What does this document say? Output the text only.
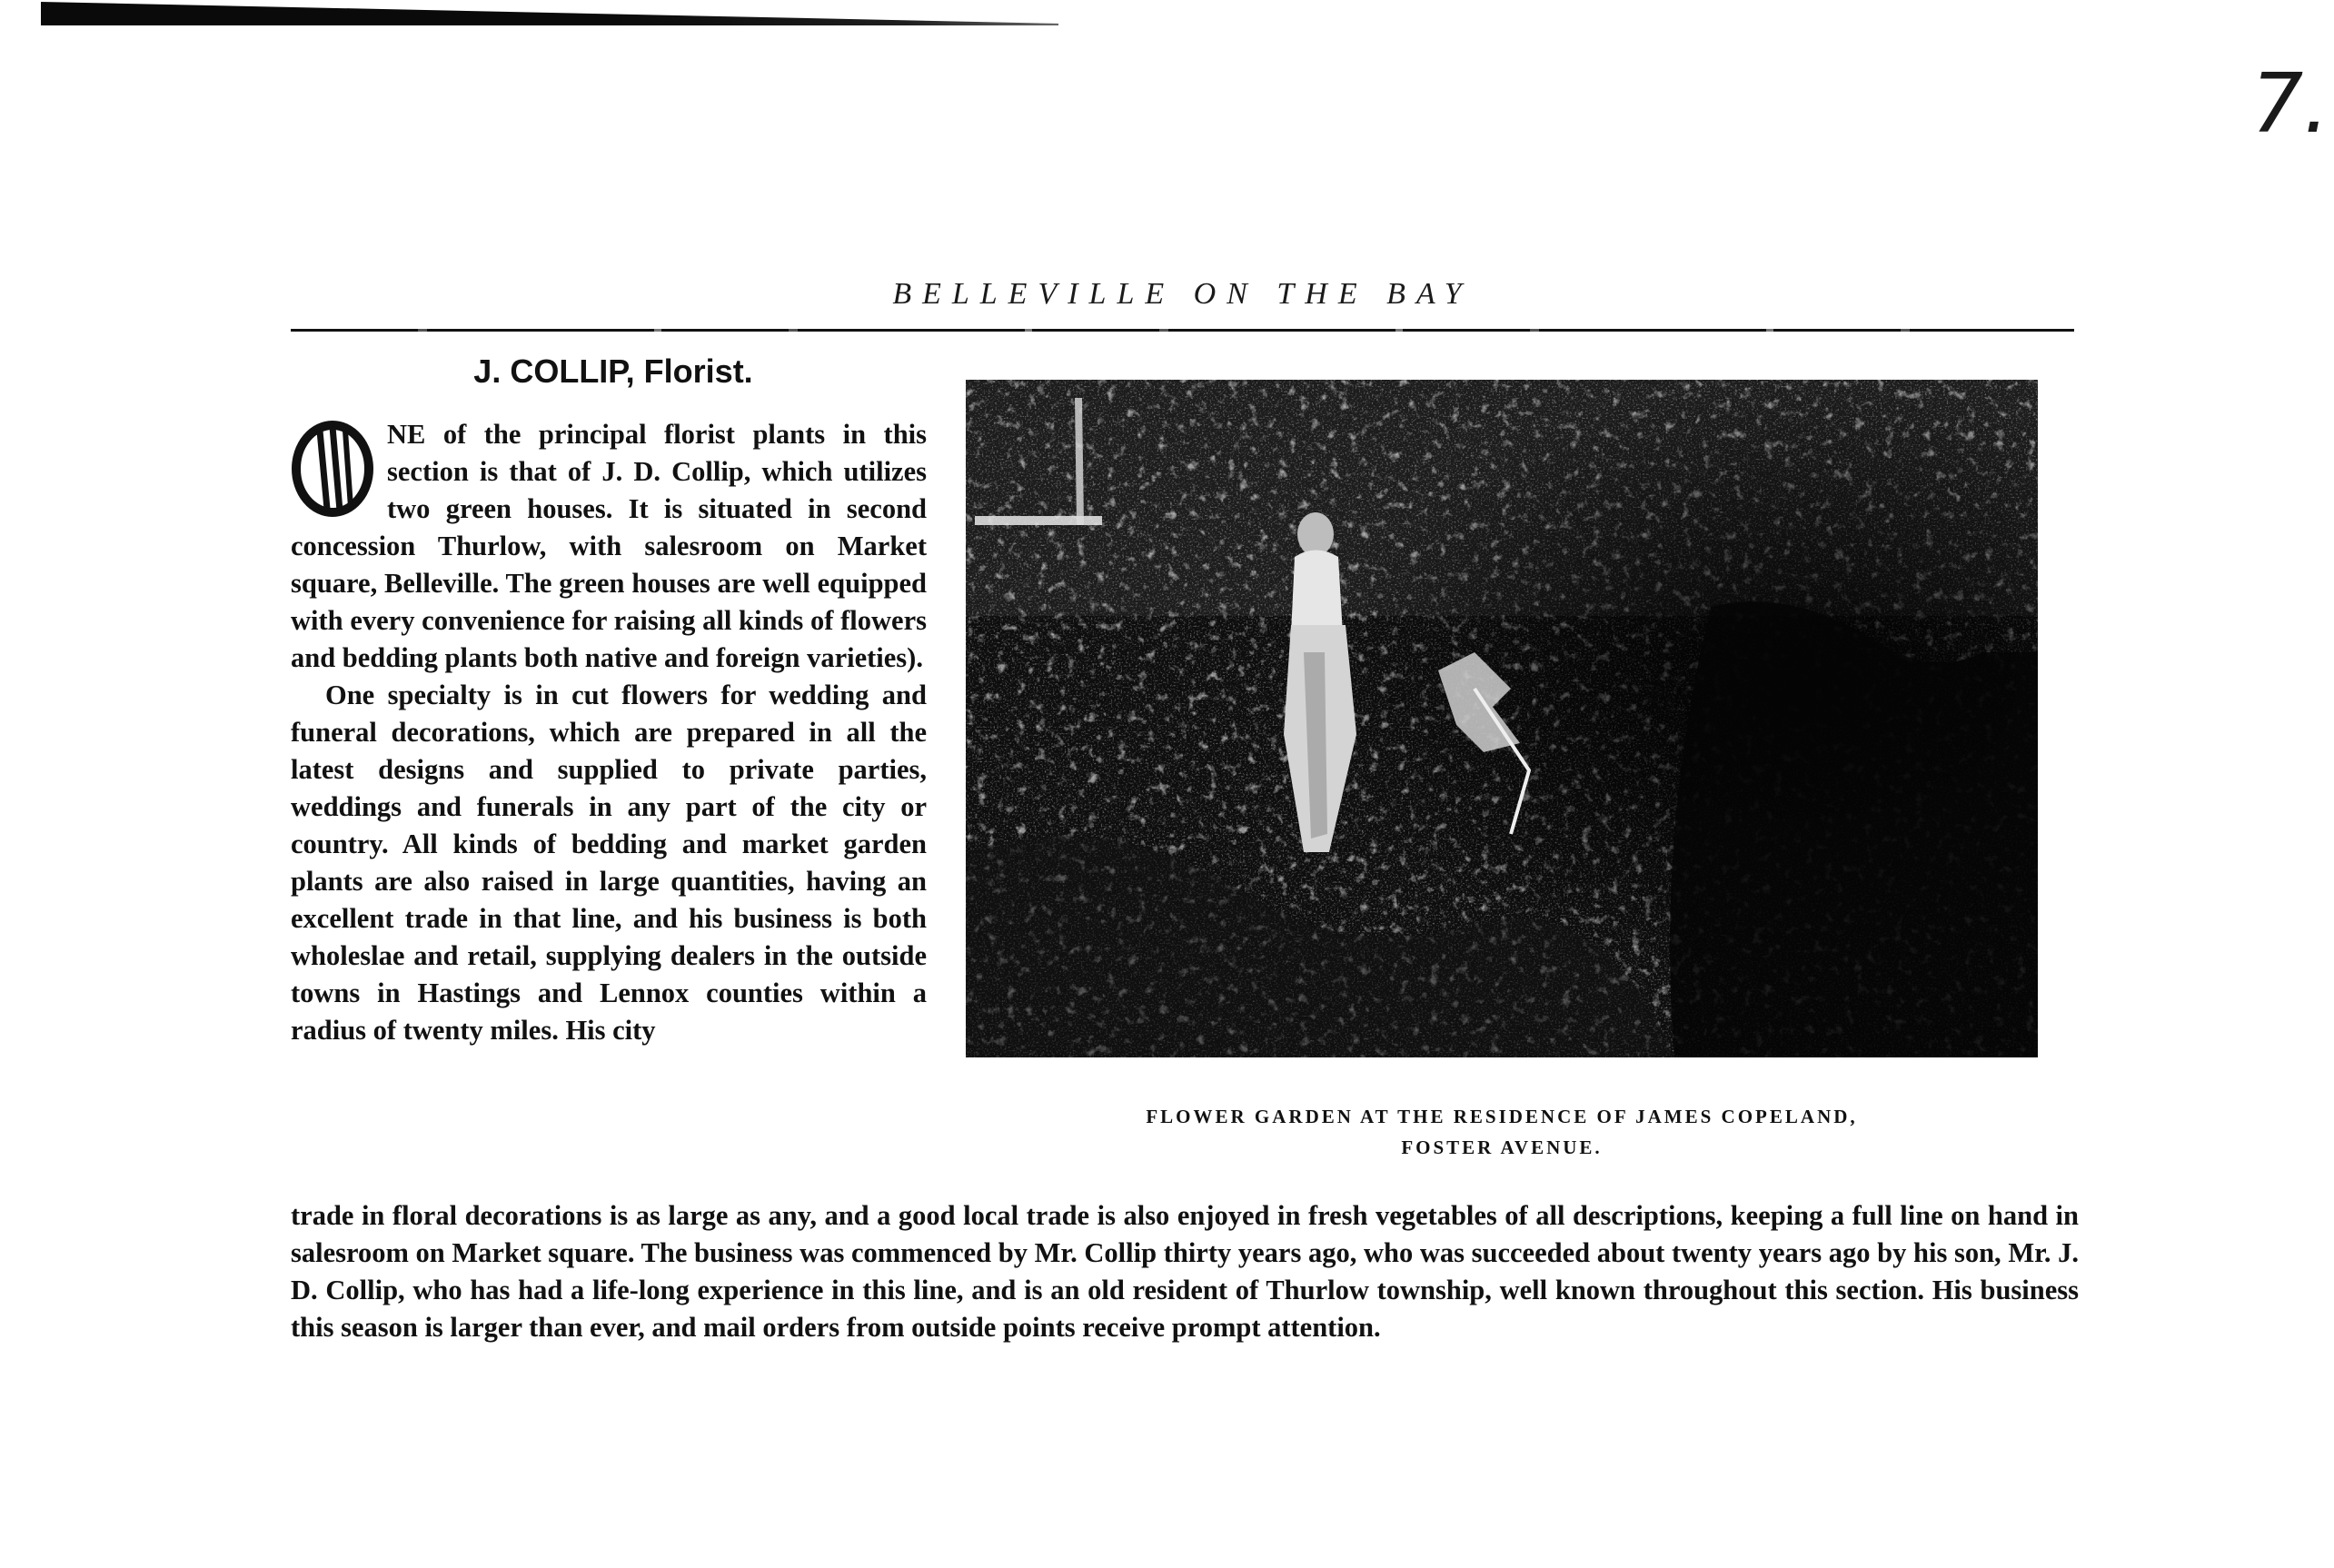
7.
BELLEVILLE ON THE BAY
J. COLLIP, Florist.

NE of the principal florist plants in this section is that of J. D. Collip, which utilizes two green houses. It is situated in second concession Thurlow, with salesroom on Market square, Belleville. The green houses are well equipped with every convenience for raising all kinds of flowers and bedding plants both native and foreign varieties).

One specialty is in cut flowers for wedding and funeral decorations, which are prepared in all the latest designs and supplied to private parties, weddings and funerals in any part of the city or country. All kinds of bedding and market garden plants are also raised in large quantities, having an excellent trade in that line, and his business is both wholeslae and retail, supplying dealers in the outside towns in Hastings and Lennox counties within a radius of twenty miles. His city

FLOWER GARDEN AT THE RESIDENCE OF JAMES COPELAND,
FOSTER AVENUE.
trade in floral decorations is as large as any, and a good local trade is also enjoyed in fresh vegetables of all descriptions, keeping a full line on hand in salesroom on Market square. The business was commenced by Mr. Collip thirty years ago, who was succeeded about twenty years ago by his son, Mr. J. D. Collip, who has had a life-long experience in this line, and is an old resident of Thurlow township, well known throughout this section. His business this season is larger than ever, and mail orders from outside points receive prompt attention.
